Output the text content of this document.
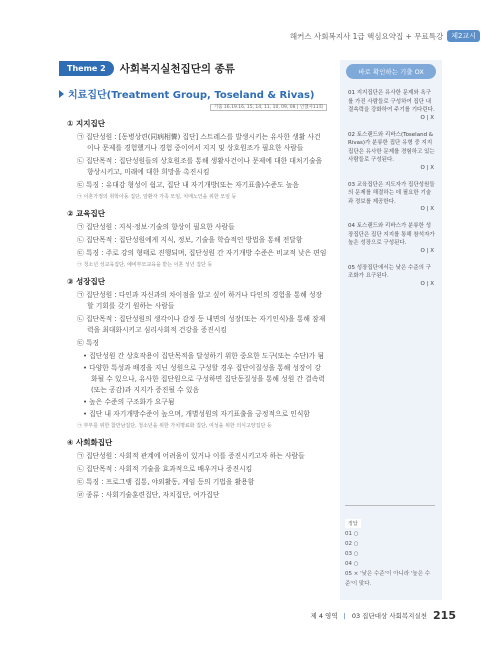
해커스 사회복지사 1급 핵심요약집 + 무료특강	제2교시
Theme 2	사회복지실천집단의 종류
치료집단(Treatment Group, Toseland & Rivas)
기출 16.19.16, 15, 14, 11, 10, 09, 08 | 인했사11회
① 지지집단
㉠ 집단성원 : [동병상련(同病相憐) 집단] 스트레스를 발생시키는 유사한 생활 사건이나 문제를 경험했거나 경험 중이어서 지지 및 상호원조가 필요한 사람들
㉡ 집단목적 : 집단성원들의 상호원조를 통해 생활사건이나 문제에 대한 대처기술을 향상시키고, 미래에 대한 희망을 촉진시킴
㉢ 특징 : 유대감 형성이 쉽고, 집단 내 자기개방(또는 자기표출)수준도 높음
㉠ 이혼가정의 취학아동 집단, 암환자 가족 모임, 치매노인을 위한 모임 등
② 교육집단
㉠ 집단성원 : 지식·정보·기술의 향상이 필요한 사람들
㉡ 집단목적 : 집단성원에게 지식, 정보, 기술을 학습적인 방법을 통해 전달함
㉢ 특징 : 주로 강의 형태로 진행되며, 집단성원 간 자기개방 수준은 비교적 낮은 편임
㉠ 청소년 성교육집단, 예비부모교육을 받는 이혼 성년 집단 등
③ 성장집단
㉠ 집단성원 : 다인과 자신과의 차이점을 알고 싶어 하거나 다인의 경험을 통해 성장할 기회를 갖기 원하는 사람들
㉡ 집단목적 : 집단성원의 생각이나 감정 등 내면의 성장(또는 자기인식)을 통해 잠재력을 최대화시키고 심리사회적 건강을 증진시킴
㉢ 특징
• 집단성원 간 상호작용이 집단목적을 달성하기 위한 중요한 도구(또는 수단)가 됨
• 다양한 특성과 배경을 지닌 성원으로 구성할 경우 집단이질성을 통해 성장이 강화될 수 있으나, 유사한 집단원으로 구성하면 집단동질성을 통해 성원 간 결속력(또는 공감)과 지지가 증진될 수 있음
• 높은 수준의 구조화가 요구됨
• 집단 내 자기개방수준이 높으며, 개별성원의 자기표출을 긍정적으로 인식함
㉠ 부부를 위한 참만남집단, 청소년을 위한 가치명료화 집단, 여성을 위한 의식고양집단 등
④ 사회화집단
㉠ 집단성원 : 사회적 관계에 어려움이 있거나 이를 증진시키고자 하는 사람들
㉡ 집단목적 : 사회적 기술을 효과적으로 배우거나 증진시킴
㉢ 특징 : 프로그램 집통, 야외활동, 게임 등의 기법을 활용함
㉣ 종류 : 사회기술훈련집단, 자치집단, 여가집단
바로 확인하는 기출 OX
01 지지집단은 유사한 문제와 욕구를 가진 사람들로 구성하여 집단 내 결속력을 강화하여 주기를 기다린다.
O | X
02 토스랜드와 리바스(Toseland & Rivas)가 분류한 집단 유형 중 지지집단은 유사한 문제를 경험하고 있는 사람들로 구성된다.
O | X
03 교육집단은 지도자가 집단성원들의 문제를 해결하는 데 필요한 기술과 정보를 제공한다.
O | X
04 토스랜드와 리바스가 분류한 성장집단은 집단 지지를 통해 참석자가 높은 성장으로 구성된다.
O | X
05 성장집단에서는 낮은 수준의 구조화가 요구된다.
O | X
정답
01 ○
02 ○
03 ○
04 ○
05 × '낮은 수준'이 아니라 '높은 수준'이 맞다.
제 4 영역 | 03 집단대상 사회복지실천 215
